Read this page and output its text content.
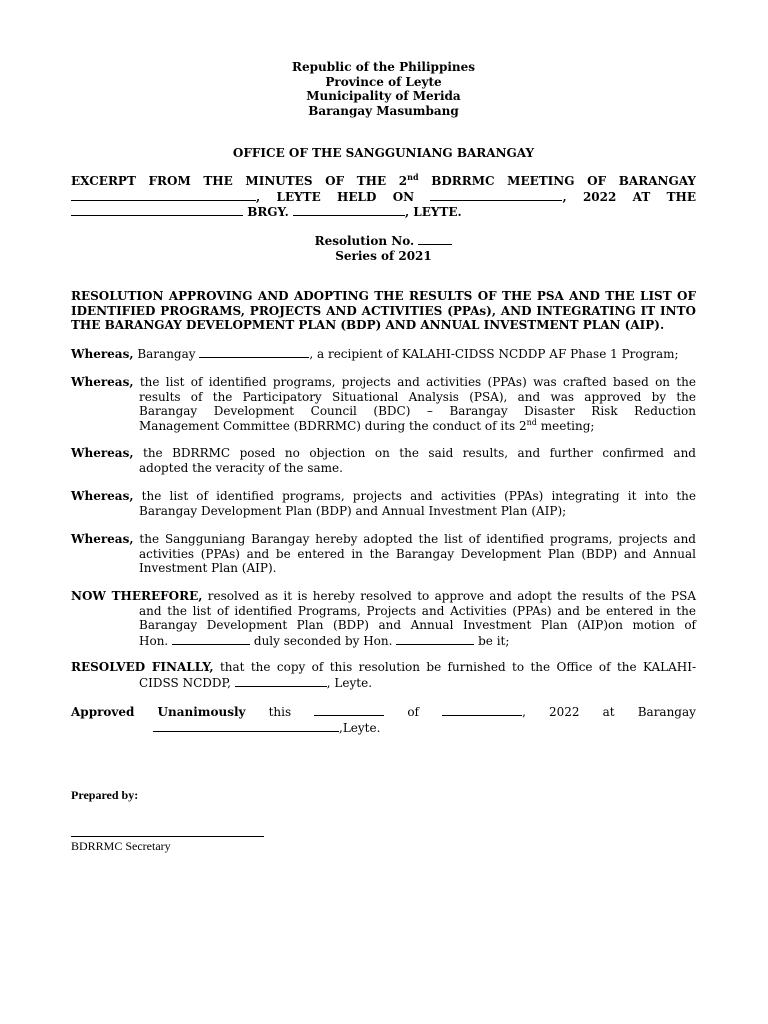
Republic of the Philippines
Province of Leyte
Municipality of Merida
Barangay Masumbang
OFFICE OF THE SANGGUNIANG BARANGAY
EXCERPT FROM THE MINUTES OF THE 2nd BDRRMC MEETING OF BARANGAY
, LEYTE HELD ON	, 2022 AT THE
BRGY.	, LEYTE.
Resolution No.
Series of 2021
RESOLUTION APPROVING AND ADOPTING THE RESULTS OF THE PSA AND THE LIST OF
IDENTIFIED PROGRAMS, PROJECTS AND ACTIVITIES (PPAs), AND INTEGRATING IT INTO
THE BARANGAY DEVELOPMENT PLAN (BDP) AND ANNUAL INVESTMENT PLAN (AIP).
Whereas, Barangay	, a recipient of KALAHI-CIDSS NCDDP AF Phase 1 Program;
Whereas, the list of identified programs, projects and activities (PPAs) was crafted based on the
results of the Participatory Situational Analysis (PSA), and was approved by the
Barangay Development Council (BDC) – Barangay Disaster Risk Reduction
Management Committee (BDRRMC) during the conduct of its 2nd meeting;
Whereas, the BDRRMC posed no objection on the said results, and further confirmed and
adopted the veracity of the same.
Whereas, the list of identified programs, projects and activities (PPAs) integrating it into the
Barangay Development Plan (BDP) and Annual Investment Plan (AIP);
Whereas, the Sangguniang Barangay hereby adopted the list of identified programs, projects and
activities (PPAs) and be entered in the Barangay Development Plan (BDP) and Annual
Investment Plan (AIP).
NOW THEREFORE, resolved as it is hereby resolved to approve and adopt the results of the PSA
and the list of identified Programs, Projects and Activities (PPAs) and be entered in the
Barangay Development Plan (BDP) and Annual Investment Plan (AIP)on motion of
Hon.	duly seconded by Hon.	be it;
RESOLVED FINALLY, that the copy of this resolution be furnished to the Office of the KALAHI-
CIDSS NCDDP,	, Leyte.
Approved Unanimously this	of	, 2022 at Barangay
,Leyte.
Prepared by:
BDRRMC Secretary
